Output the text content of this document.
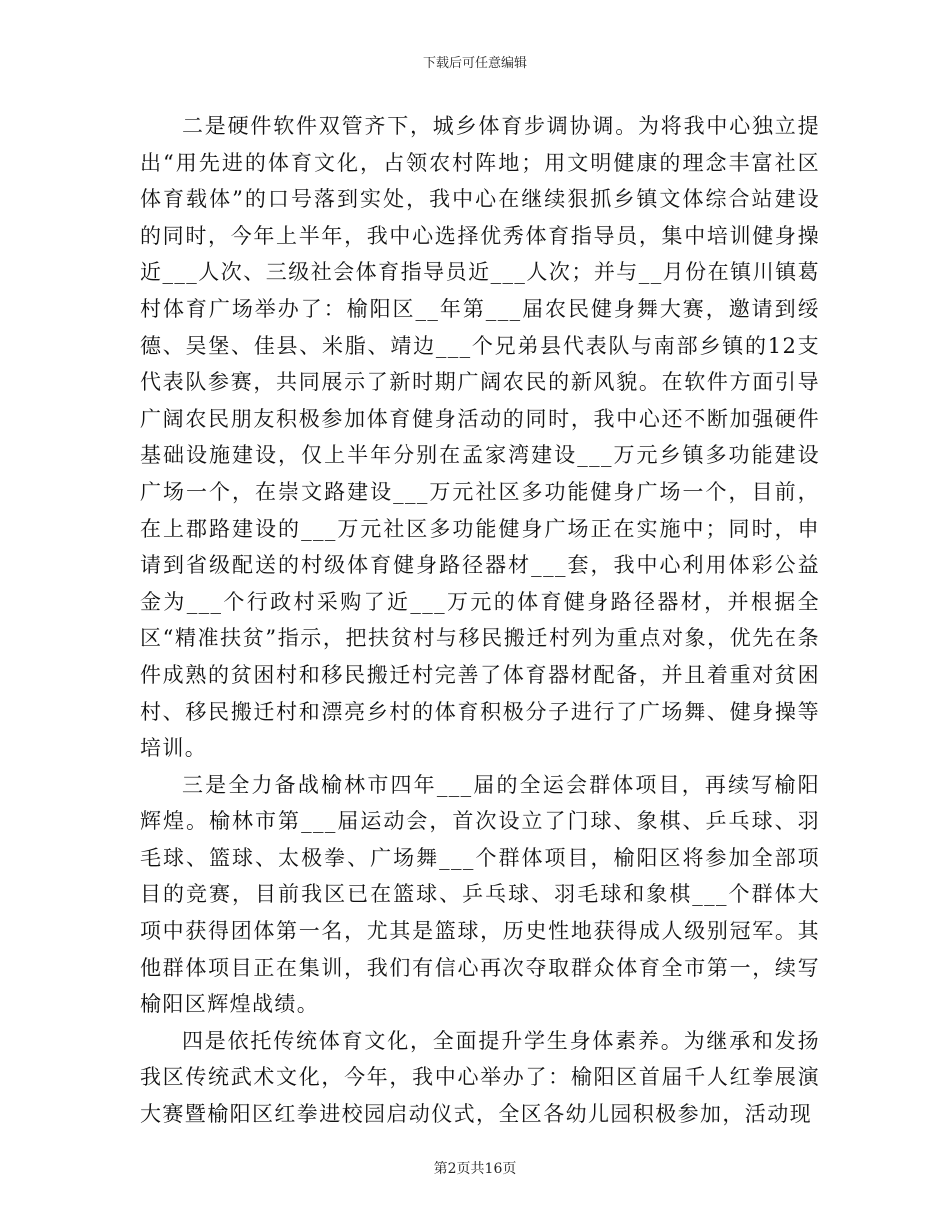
下载后可任意编辑

二是硬件软件双管齐下，城乡体育步调协调。为将我中心独立提出“用先进的体育文化，占领农村阵地；用文明健康的理念丰富社区体育载体”的口号落到实处，我中心在继续狠抓乡镇文体综合站建设的同时，今年上半年，我中心选择优秀体育指导员，集中培训健身操近___人次、三级社会体育指导员近___人次；并与__月份在镇川镇葛村体育广场举办了：榆阳区__年第___届农民健身舞大赛，邀请到绥德、吴堡、佳县、米脂、靖边___个兄弟县代表队与南部乡镇的12支代表队参赛，共同展示了新时期广阔农民的新风貌。在软件方面引导广阔农民朋友积极参加体育健身活动的同时，我中心还不断加强硬件基础设施建设，仅上半年分别在孟家湾建设___万元乡镇多功能建设广场一个，在崇文路建设___万元社区多功能健身广场一个，目前，在上郡路建设的___万元社区多功能健身广场正在实施中；同时，申请到省级配送的村级体育健身路径器材___套，我中心利用体彩公益金为___个行政村采购了近___万元的体育健身路径器材，并根据全区“精准扶贫”指示，把扶贫村与移民搬迁村列为重点对象，优先在条件成熟的贫困村和移民搬迁村完善了体育器材配备，并且着重对贫困村、移民搬迁村和漂亮乡村的体育积极分子进行了广场舞、健身操等培训。

三是全力备战榆林市四年___届的全运会群体项目，再续写榆阳辉煌。榆林市第___届运动会，首次设立了门球、象棋、乒乓球、羽毛球、篮球、太极拳、广场舞___个群体项目，榆阳区将参加全部项目的竞赛，目前我区已在篮球、乒乓球、羽毛球和象棋___个群体大项中获得团体第一名，尤其是篮球，历史性地获得成人级别冠军。其他群体项目正在集训，我们有信心再次夺取群众体育全市第一，续写榆阳区辉煌战绩。

四是依托传统体育文化，全面提升学生身体素养。为继承和发扬我区传统武术文化，今年，我中心举办了：榆阳区首届千人红拳展演大赛暨榆阳区红拳进校园启动仪式，全区各幼儿园积极参加，活动现

第2页共16页
